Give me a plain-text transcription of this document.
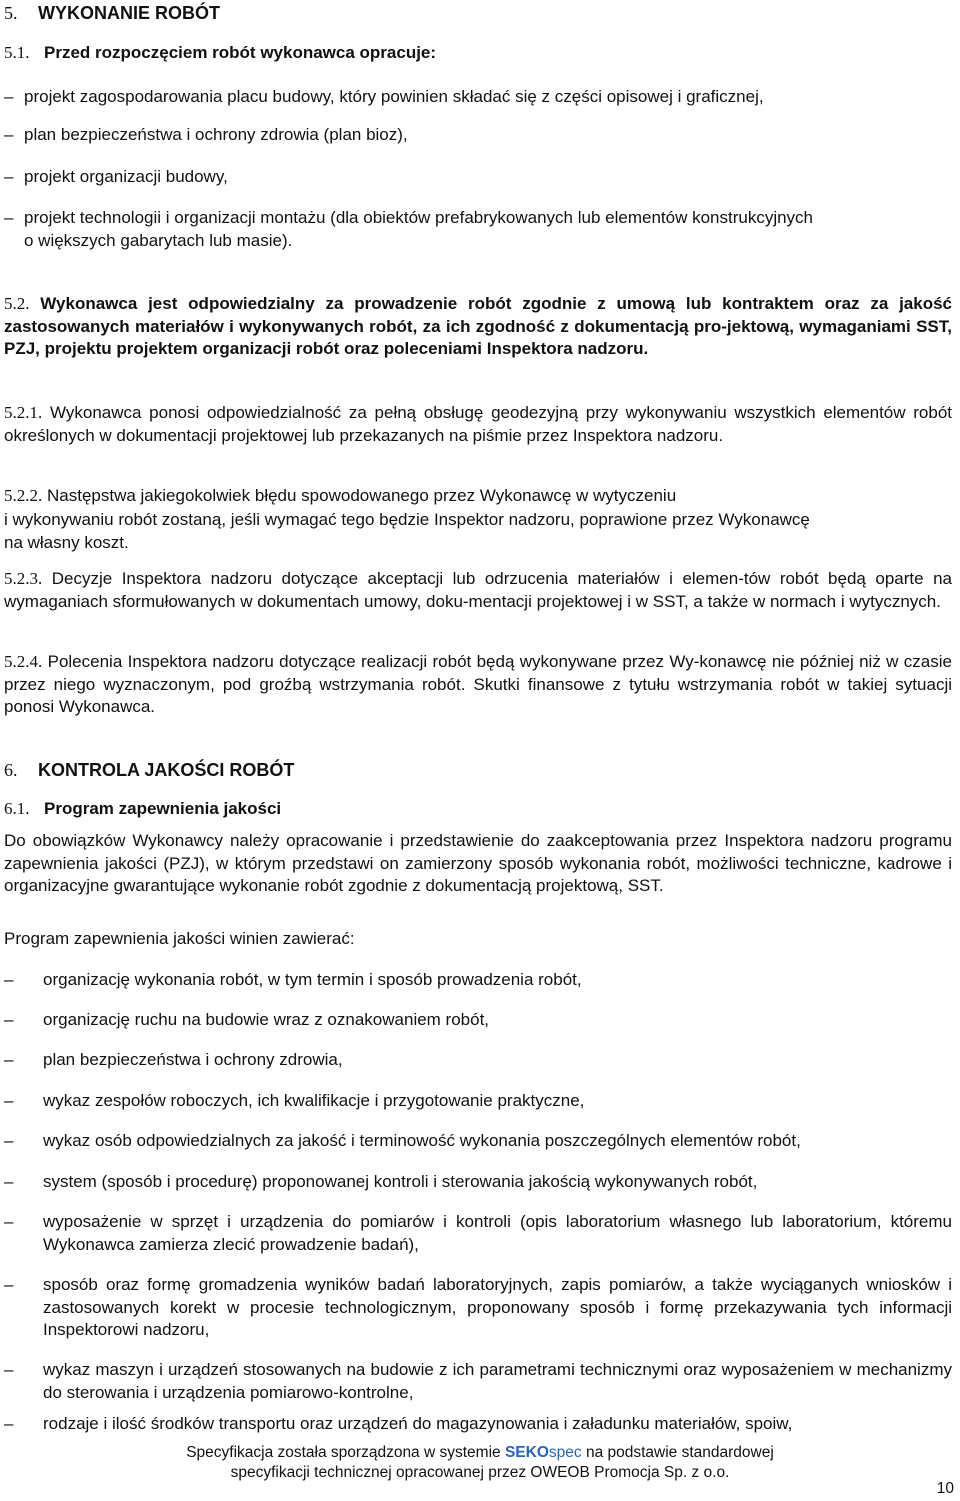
5. WYKONANIE ROBÓT
5.1. Przed rozpoczęciem robót wykonawca opracuje:
– projekt zagospodarowania placu budowy, który powinien składać się z części opisowej i graficznej,
– plan bezpieczeństwa i ochrony zdrowia (plan bioz),
– projekt organizacji budowy,
– projekt technologii i organizacji montażu (dla obiektów prefabrykowanych lub elementów konstrukcyjnych
o większych gabarytach lub masie).
5.2. Wykonawca jest odpowiedzialny za prowadzenie robót zgodnie z umową lub kontraktem oraz za jakość zastosowanych materiałów i wykonywanych robót, za ich zgodność z dokumentacją pro-jektową, wymaganiami SST, PZJ, projektu projektem organizacji robót oraz poleceniami Inspektora nadzoru.
5.2.1. Wykonawca ponosi odpowiedzialność za pełną obsługę geodezyjną przy wykonywaniu wszystkich elementów robót określonych w dokumentacji projektowej lub przekazanych na piśmie przez Inspektora nadzoru.
5.2.2. Następstwa jakiegokolwiek błędu spowodowanego przez Wykonawcę w wytyczeniu
i wykonywaniu robót zostaną, jeśli wymagać tego będzie Inspektor nadzoru, poprawione przez Wykonawcę
na własny koszt.
5.2.3. Decyzje Inspektora nadzoru dotyczące akceptacji lub odrzucenia materiałów i elemen-tów robót będą oparte na wymaganiach sformułowanych w dokumentach umowy, doku-mentacji projektowej i w SST, a także w normach i wytycznych.
5.2.4. Polecenia Inspektora nadzoru dotyczące realizacji robót będą wykonywane przez Wy-konawcę nie później niż w czasie przez niego wyznaczonym, pod groźbą wstrzymania robót. Skutki finansowe z tytułu wstrzymania robót w takiej sytuacji ponosi Wykonawca.
6. KONTROLA JAKOŚCI ROBÓT
6.1. Program zapewnienia jakości
Do obowiązków Wykonawcy należy opracowanie i przedstawienie do zaakceptowania przez Inspektora nadzoru programu zapewnienia jakości (PZJ), w którym przedstawi on zamierzony sposób wykonania robót, możliwości techniczne, kadrowe i organizacyjne gwarantujące wykonanie robót zgodnie z dokumentacją projektową, SST.
Program zapewnienia jakości winien zawierać:
– organizację wykonania robót, w tym termin i sposób prowadzenia robót,
– organizację ruchu na budowie wraz z oznakowaniem robót,
– plan bezpieczeństwa i ochrony zdrowia,
– wykaz zespołów roboczych, ich kwalifikacje i przygotowanie praktyczne,
– wykaz osób odpowiedzialnych za jakość i terminowość wykonania poszczególnych elementów robót,
– system (sposób i procedurę) proponowanej kontroli i sterowania jakością wykonywanych robót,
– wyposażenie w sprzęt i urządzenia do pomiarów i kontroli (opis laboratorium własnego lub laboratorium, któremu Wykonawca zamierza zlecić prowadzenie badań),
– sposób oraz formę gromadzenia wyników badań laboratoryjnych, zapis pomiarów, a także wyciąganych wniosków i zastosowanych korekt w procesie technologicznym, proponowany sposób i formę przekazywania tych informacji Inspektorowi nadzoru,
– wykaz maszyn i urządzeń stosowanych na budowie z ich parametrami technicznymi oraz wyposażeniem w mechanizmy do sterowania i urządzenia pomiarowo-kontrolne,
– rodzaje i ilość środków transportu oraz urządzeń do magazynowania i załadunku materiałów, spoiw,
Specyfikacja została sporządzona w systemie SEKOspec na podstawie standardowej
specyfikacji technicznej opracowanej przez OWEOB Promocja Sp. z o.o.
10
